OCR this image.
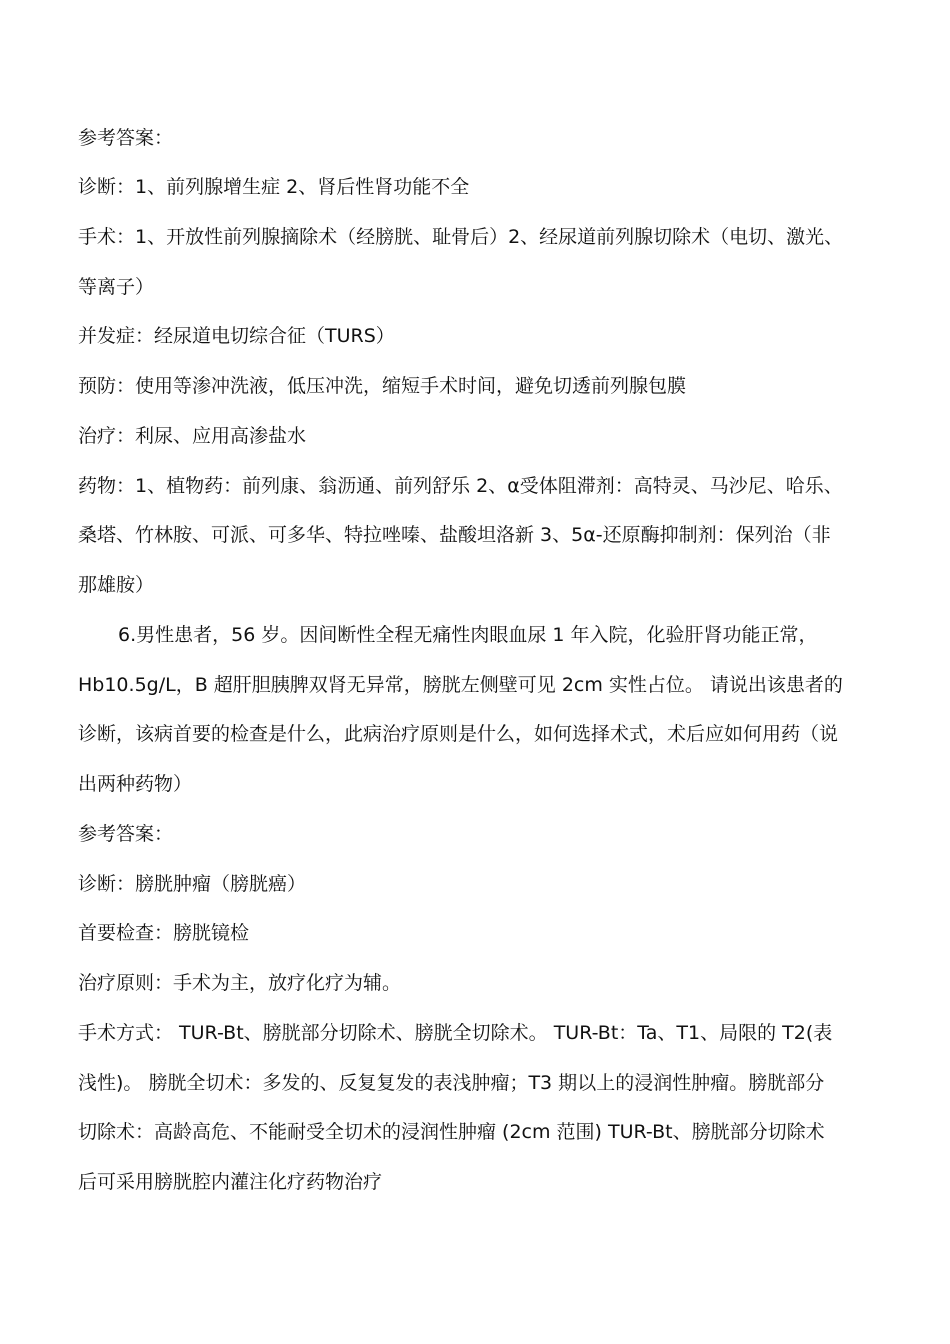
参考答案：
诊断：1、前列腺增生症 2、肾后性肾功能不全
手术：1、开放性前列腺摘除术（经膀胱、耻骨后）2、经尿道前列腺切除术（电切、激光、
等离子）
并发症：经尿道电切综合征（TURS）
预防：使用等渗冲洗液，低压冲洗，缩短手术时间，避免切透前列腺包膜
治疗：利尿、应用高渗盐水
药物：1、植物药：前列康、翁沥通、前列舒乐 2、α受体阻滞剂：高特灵、马沙尼、哈乐、
桑塔、竹林胺、可派、可多华、特拉唑嗪、盐酸坦洛新 3、5α-还原酶抑制剂：保列治（非
那雄胺）
6.男性患者，56 岁。因间断性全程无痛性肉眼血尿 1 年入院，化验肝肾功能正常，
Hb10.5g/L，B 超肝胆胰脾双肾无异常，膀胱左侧壁可见 2cm 实性占位。 请说出该患者的
诊断，该病首要的检查是什么，此病治疗原则是什么，如何选择术式，术后应如何用药（说
出两种药物）
参考答案：
诊断：膀胱肿瘤（膀胱癌）
首要检查：膀胱镜检
治疗原则：手术为主，放疗化疗为辅。
手术方式： TUR-Bt、膀胱部分切除术、膀胱全切除术。 TUR-Bt：Ta、T1、局限的 T2(表
浅性)。 膀胱全切术：多发的、反复复发的表浅肿瘤；T3 期以上的浸润性肿瘤。膀胱部分
切除术：高龄高危、不能耐受全切术的浸润性肿瘤 (2cm 范围) TUR-Bt、膀胱部分切除术
后可采用膀胱腔内灌注化疗药物治疗
